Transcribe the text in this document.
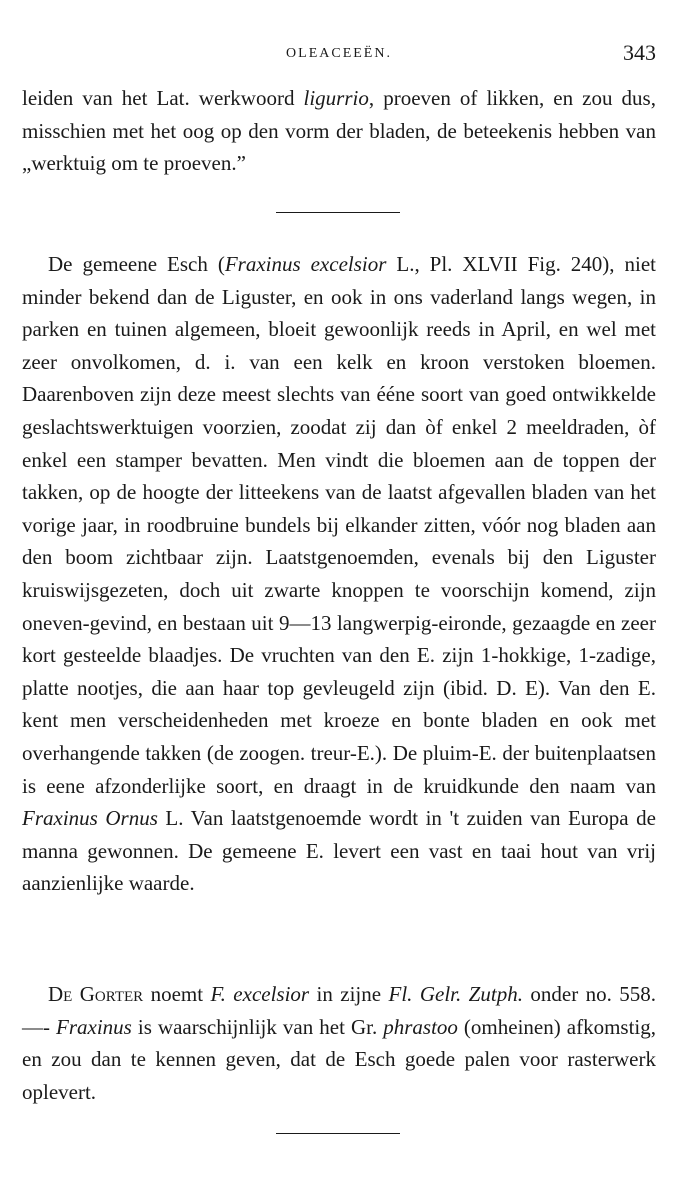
OLEACEEËN.	343

leiden van het Lat. werkwoord ligurrio, proeven of likken, en zou dus, misschien met het oog op den vorm der bladen, de beteekenis hebben van „werktuig om te proeven.”

De gemeene Esch (Fraxinus excelsior L., Pl. XLVII Fig. 240), niet minder bekend dan de Liguster, en ook in ons vaderland langs wegen, in parken en tuinen algemeen, bloeit gewoonlijk reeds in April, en wel met zeer onvolkomen, d. i. van een kelk en kroon verstoken bloemen. Daarenboven zijn deze meest slechts van ééne soort van goed ontwikkelde geslachtswerktuigen voorzien, zoodat zij dan òf enkel 2 meeldraden, òf enkel een stamper bevatten. Men vindt die bloemen aan de toppen der takken, op de hoogte der litteekens van de laatst afgevallen bladen van het vorige jaar, in roodbruine bundels bij elkander zitten, vóór nog bladen aan den boom zichtbaar zijn. Laatstgenoemden, evenals bij den Liguster kruiswijsgezeten, doch uit zwarte knoppen te voorschijn komend, zijn oneven-gevind, en bestaan uit 9—13 langwerpig-eironde, gezaagde en zeer kort gesteelde blaadjes. De vruchten van den E. zijn 1-hokkige, 1-zadige, platte nootjes, die aan haar top gevleugeld zijn (ibid. D. E). Van den E. kent men verscheidenheden met kroeze en bonte bladen en ook met overhangende takken (de zoogen. treur-E.). De pluim-E. der buitenplaatsen is eene afzonderlijke soort, en draagt in de kruidkunde den naam van Fraxinus Ornus L. Van laatstgenoemde wordt in 't zuiden van Europa de manna gewonnen. De gemeene E. levert een vast en taai hout van vrij aanzienlijke waarde.

De Gorter noemt F. excelsior in zijne Fl. Gelr. Zutph. onder no. 558. —- Fraxinus is waarschijnlijk van het Gr. phrastoo (omheinen) afkomstig, en zou dan te kennen geven, dat de Esch goede palen voor rasterwerk oplevert.
